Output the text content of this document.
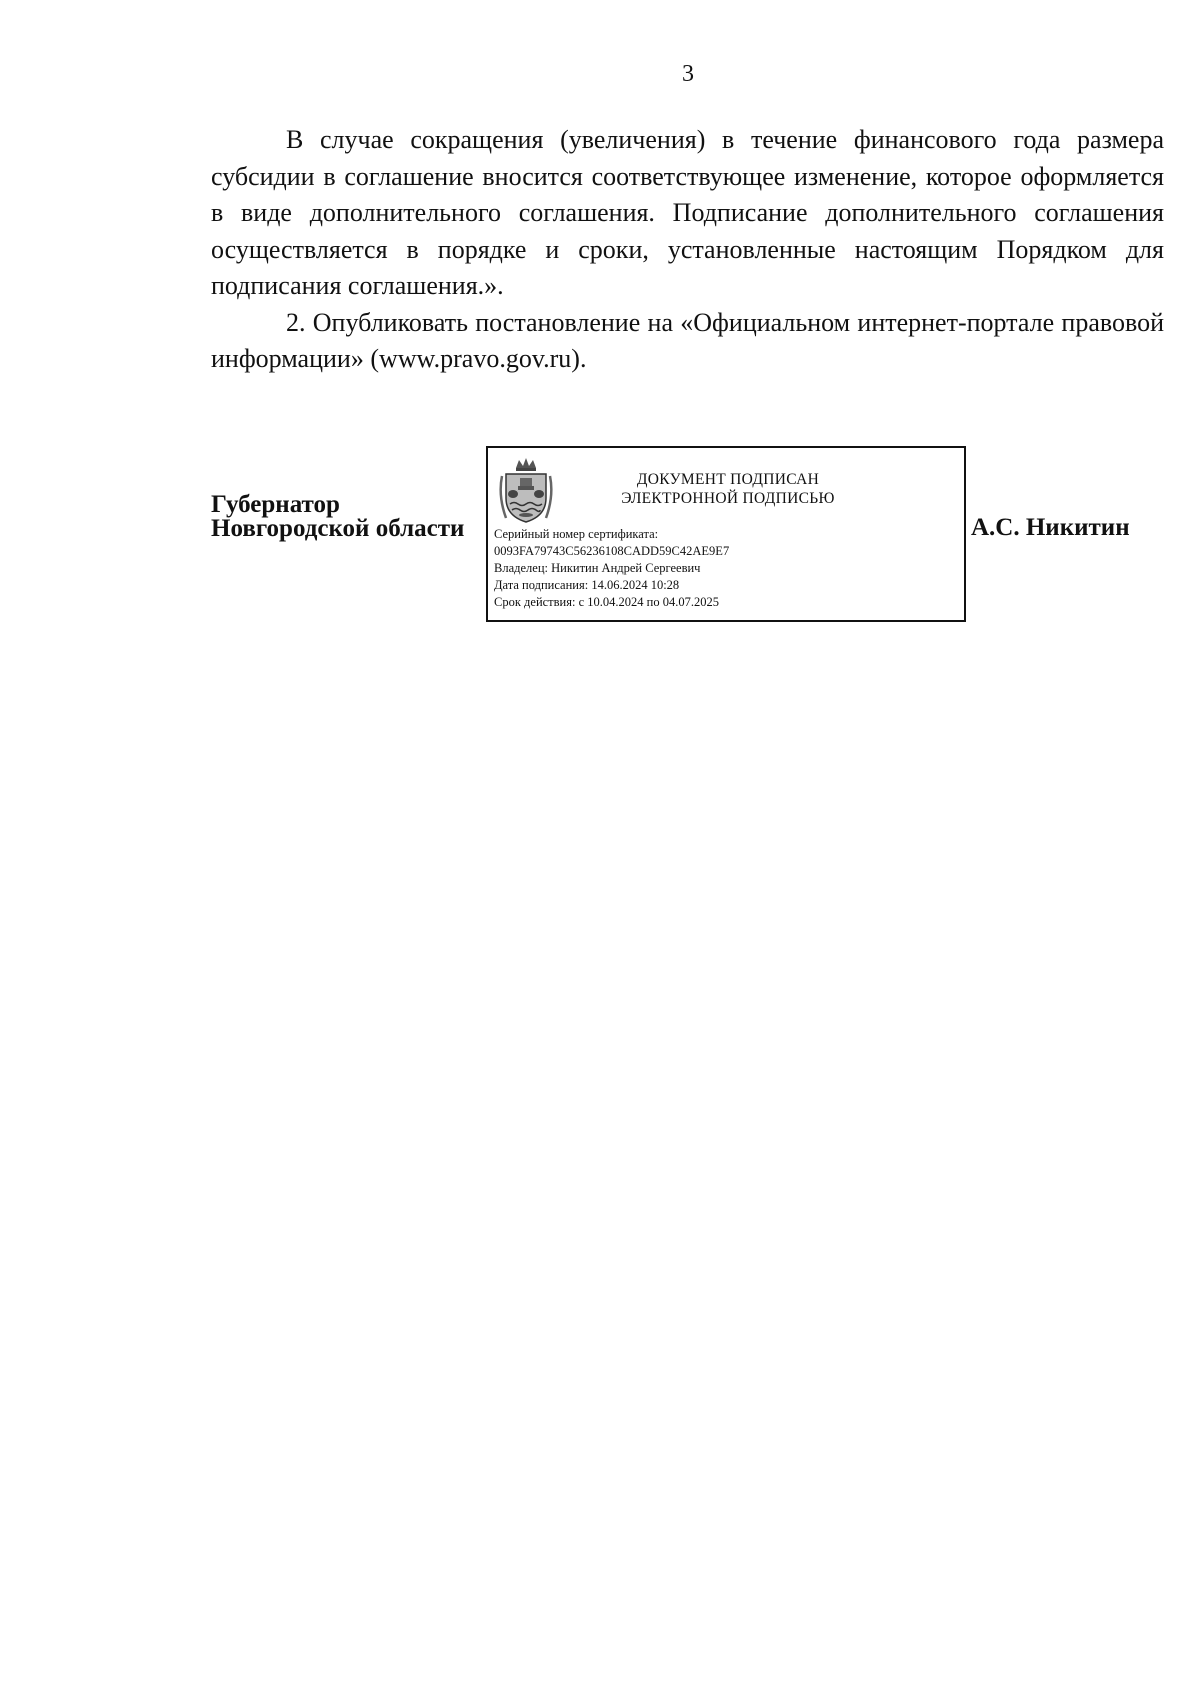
3

В случае сокращения (увеличения) в течение финансового года размера субсидии в соглашение вносится соответствующее изменение, которое оформляется в виде дополнительного соглашения. Подписание дополнительного соглашения осуществляется в порядке и сроки, установленные настоящим Порядком для подписания соглашения.».

2. Опубликовать постановление на «Официальном интернет-портале правовой информации» (www.pravo.gov.ru).

Губернатор
Новгородской области
ДОКУМЕНТ ПОДПИСАН
ЭЛЕКТРОННОЙ ПОДПИСЬЮ
Серийный номер сертификата:
0093FA79743C56236108CADD59C42AE9E7
Владелец: Никитин Андрей Сергеевич
Дата подписания: 14.06.2024 10:28
Срок действия: с 10.04.2024 по 04.07.2025
А.С. Никитин
